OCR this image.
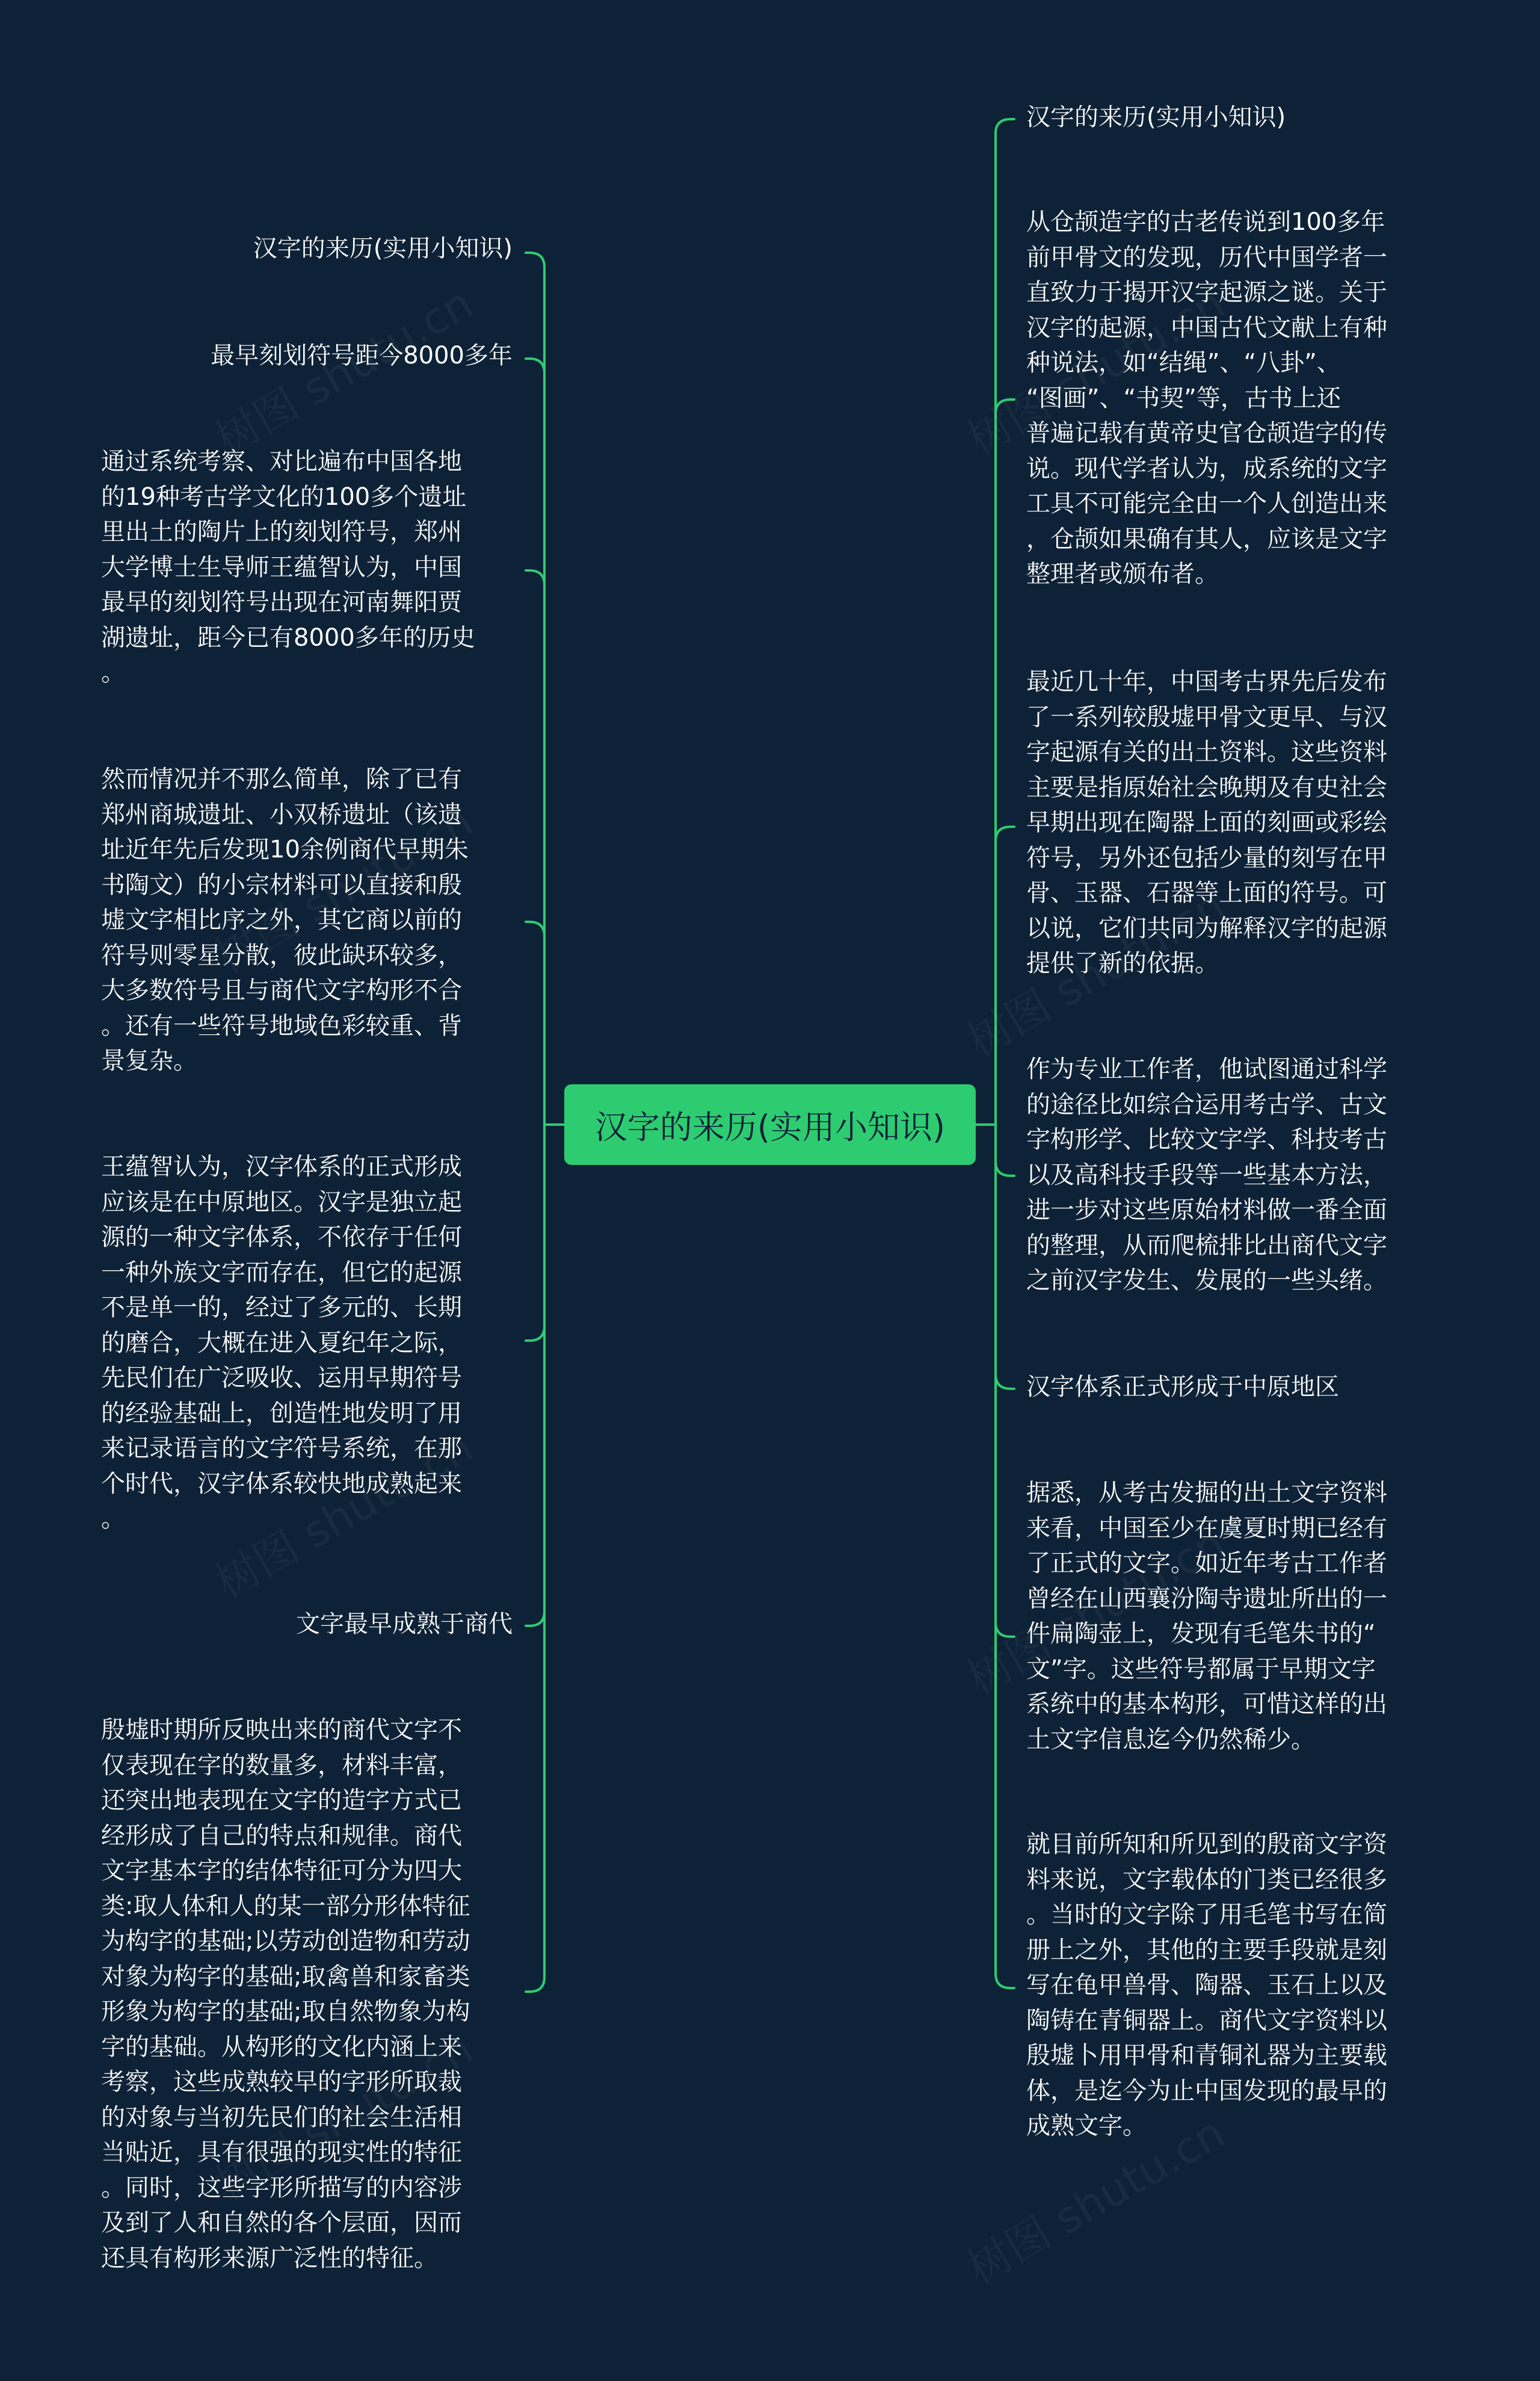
汉字的来历(实用小知识)
汉字的来历(实用小知识)
最早刻划符号距今8000多年
通过系统考察、对比遍布中国各地
的19种考古学文化的100多个遗址
里出土的陶片上的刻划符号，郑州
大学博士生导师王蕴智认为，中国
最早的刻划符号出现在河南舞阳贾
湖遗址，距今已有8000多年的历史
。
然而情况并不那么简单，除了已有
郑州商城遗址、小双桥遗址（该遗
址近年先后发现10余例商代早期朱
书陶文）的小宗材料可以直接和殷
墟文字相比序之外，其它商以前的
符号则零星分散，彼此缺环较多，
大多数符号且与商代文字构形不合
。还有一些符号地域色彩较重、背
景复杂。
王蕴智认为，汉字体系的正式形成
应该是在中原地区。汉字是独立起
源的一种文字体系，不依存于任何
一种外族文字而存在，但它的起源
不是单一的，经过了多元的、长期
的磨合，大概在进入夏纪年之际，
先民们在广泛吸收、运用早期符号
的经验基础上，创造性地发明了用
来记录语言的文字符号系统，在那
个时代，汉字体系较快地成熟起来
。
文字最早成熟于商代
殷墟时期所反映出来的商代文字不
仅表现在字的数量多，材料丰富，
还突出地表现在文字的造字方式已
经形成了自己的特点和规律。商代
文字基本字的结体特征可分为四大
类:取人体和人的某一部分形体特征
为构字的基础;以劳动创造物和劳动
对象为构字的基础;取禽兽和家畜类
形象为构字的基础;取自然物象为构
字的基础。从构形的文化内涵上来
考察，这些成熟较早的字形所取裁
的对象与当初先民们的社会生活相
当贴近，具有很强的现实性的特征
。同时，这些字形所描写的内容涉
及到了人和自然的各个层面，因而
还具有构形来源广泛性的特征。
汉字的来历(实用小知识)
从仓颉造字的古老传说到100多年
前甲骨文的发现，历代中国学者一
直致力于揭开汉字起源之谜。关于
汉字的起源，中国古代文献上有种
种说法，如“结绳”、“八卦”、
“图画”、“书契”等，古书上还
普遍记载有黄帝史官仓颉造字的传
说。现代学者认为，成系统的文字
工具不可能完全由一个人创造出来
，仓颉如果确有其人，应该是文字
整理者或颁布者。
最近几十年，中国考古界先后发布
了一系列较殷墟甲骨文更早、与汉
字起源有关的出土资料。这些资料
主要是指原始社会晚期及有史社会
早期出现在陶器上面的刻画或彩绘
符号，另外还包括少量的刻写在甲
骨、玉器、石器等上面的符号。可
以说，它们共同为解释汉字的起源
提供了新的依据。
作为专业工作者，他试图通过科学
的途径比如综合运用考古学、古文
字构形学、比较文字学、科技考古
以及高科技手段等一些基本方法，
进一步对这些原始材料做一番全面
的整理，从而爬梳排比出商代文字
之前汉字发生、发展的一些头绪。
汉字体系正式形成于中原地区
据悉，从考古发掘的出土文字资料
来看，中国至少在虞夏时期已经有
了正式的文字。如近年考古工作者
曾经在山西襄汾陶寺遗址所出的一
件扁陶壶上，发现有毛笔朱书的“
文”字。这些符号都属于早期文字
系统中的基本构形，可惜这样的出
土文字信息迄今仍然稀少。
就目前所知和所见到的殷商文字资
料来说，文字载体的门类已经很多
。当时的文字除了用毛笔书写在简
册上之外，其他的主要手段就是刻
写在龟甲兽骨、陶器、玉石上以及
陶铸在青铜器上。商代文字资料以
殷墟卜用甲骨和青铜礼器为主要载
体，是迄今为止中国发现的最早的
成熟文字。
